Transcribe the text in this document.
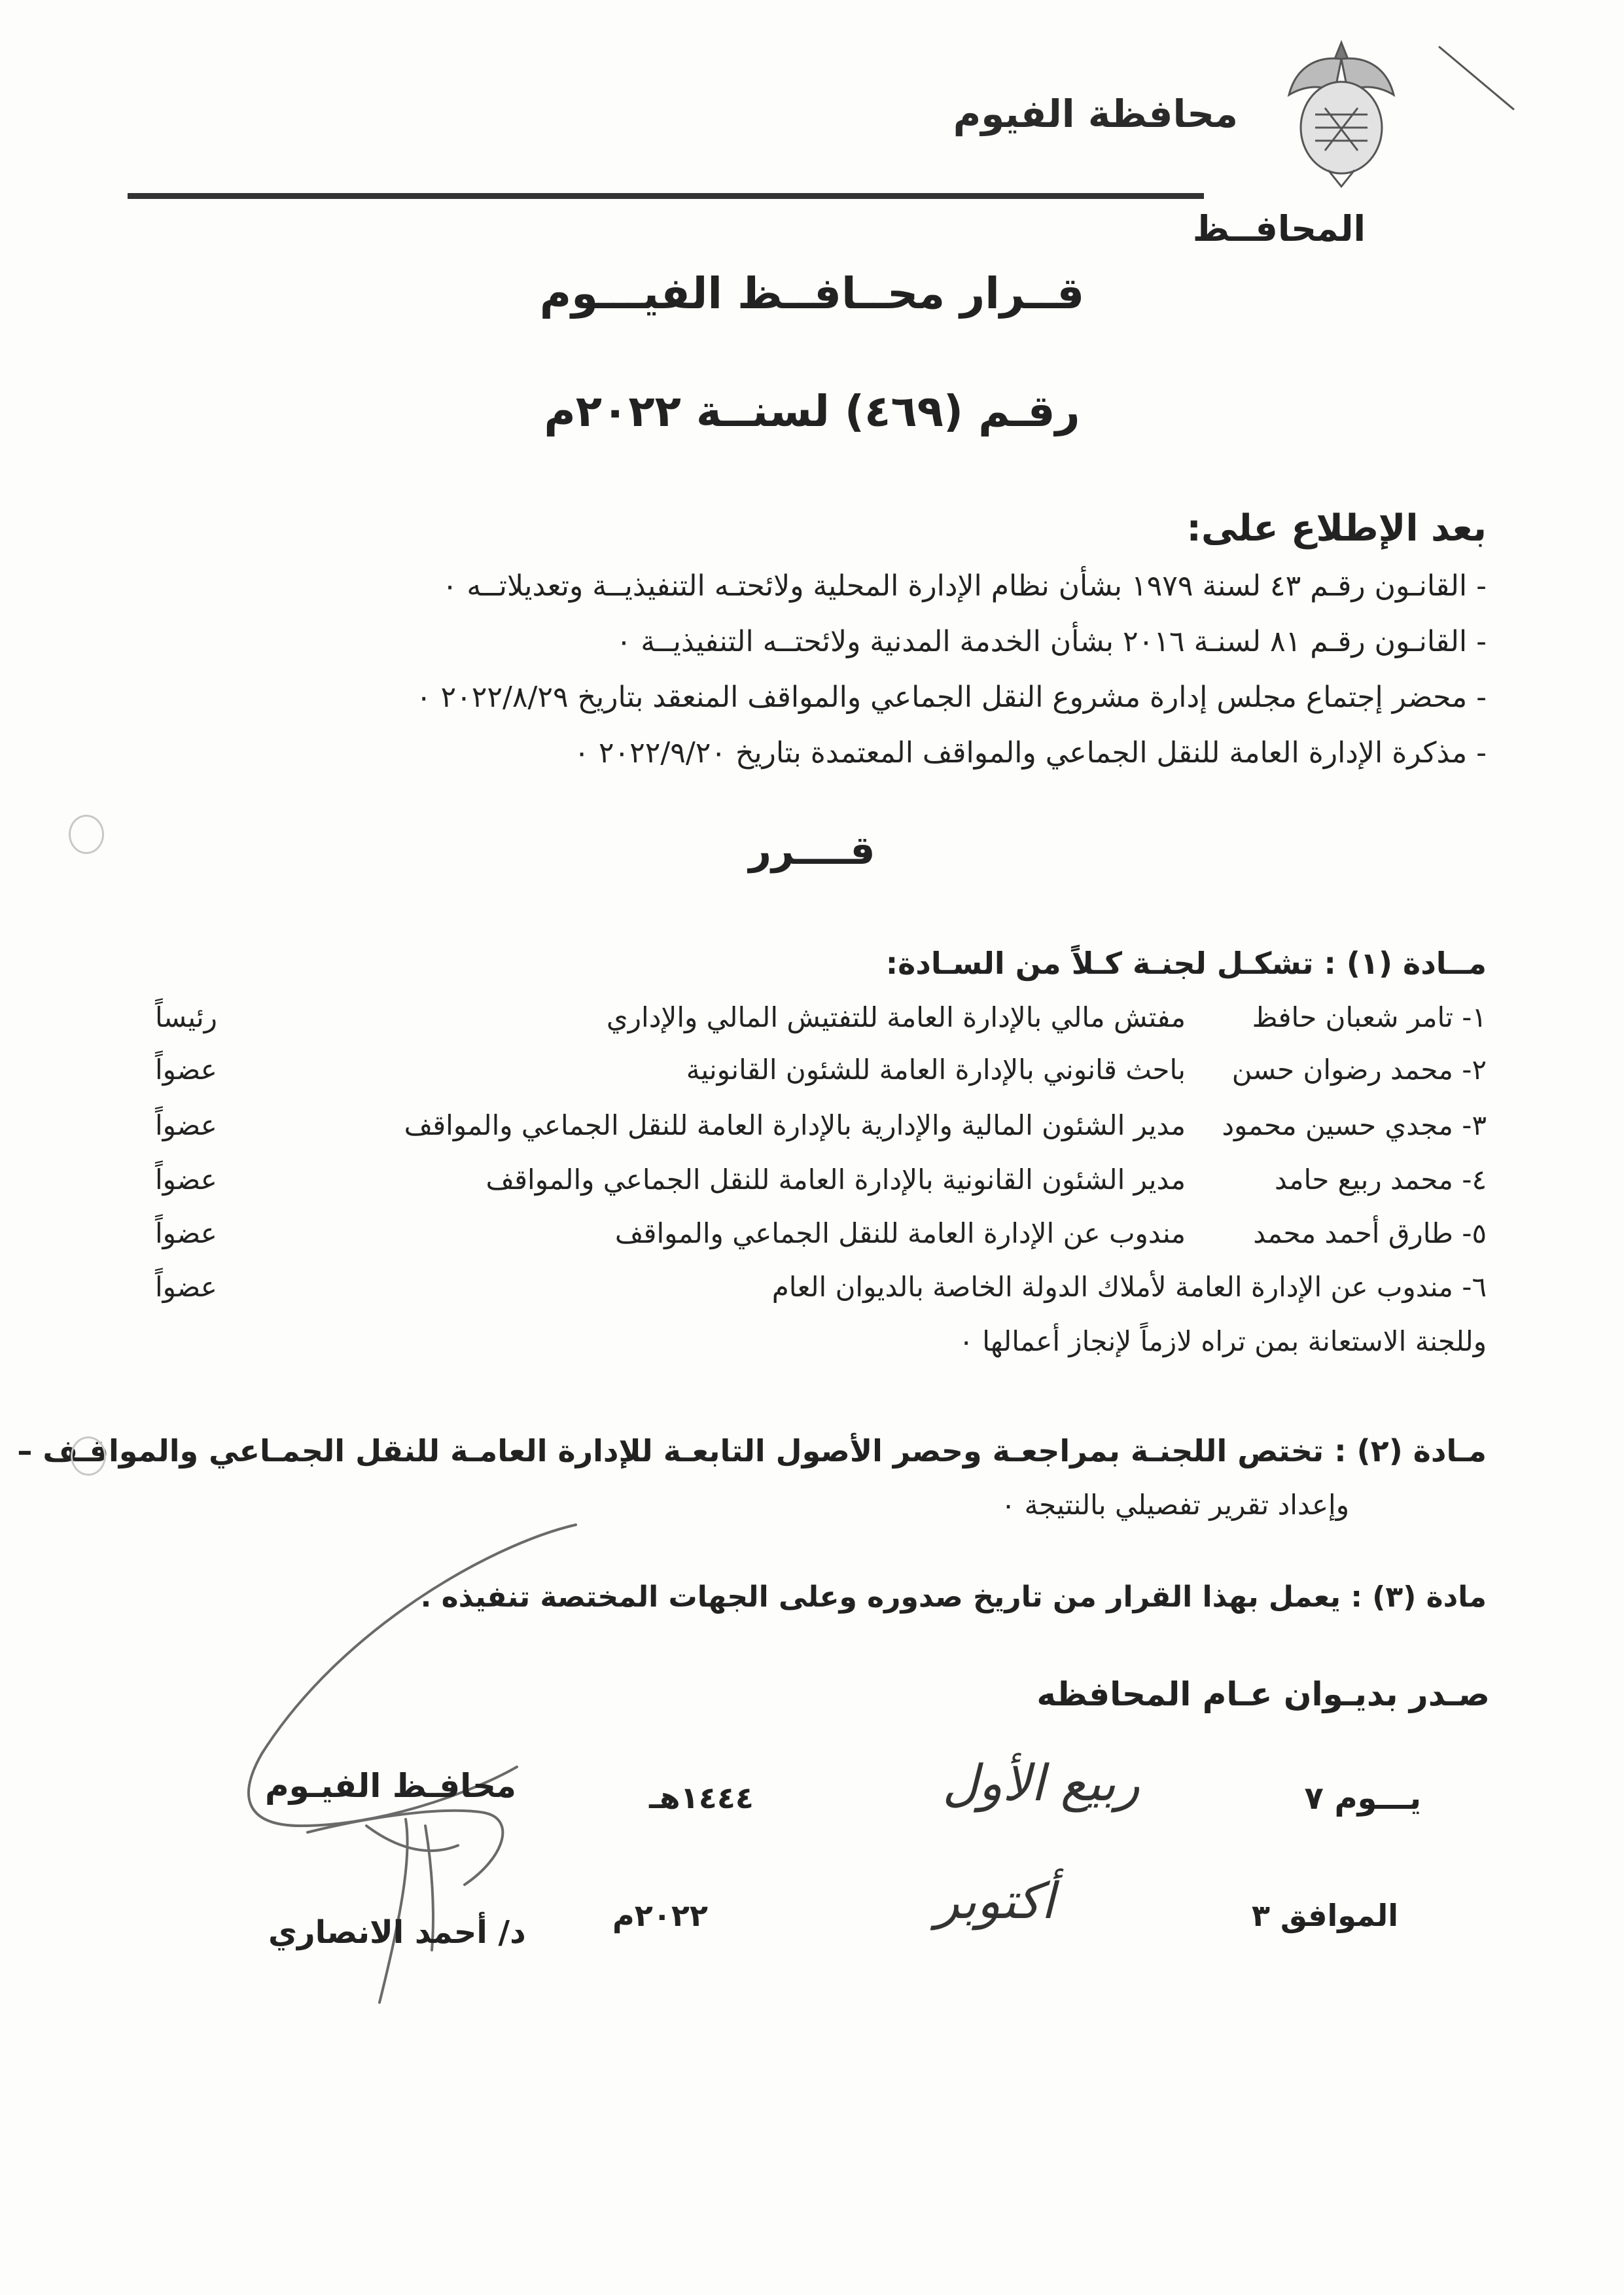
محافظة الفيوم
المحافــظ
قــرار محــافــظ الفيـــوم
رقـم (٤٦٩) لسنــة ٢٠٢٢م
بعد الإطلاع على:
- القانـون رقـم ٤٣ لسنة ١٩٧٩ بشأن نظام الإدارة المحلية ولائحتـه التنفيذيــة وتعديلاتــه ٠
- القانـون رقـم ٨١ لسنـة ٢٠١٦ بشأن الخدمة المدنية ولائحتــه التنفيذيــة ٠
- محضر إجتماع مجلس إدارة مشروع النقل الجماعي والمواقف المنعقد بتاريخ ٢٠٢٢/٨/٢٩ ٠
- مذكرة الإدارة العامة للنقل الجماعي والمواقف المعتمدة بتاريخ ٢٠٢٢/٩/٢٠ ٠
قــــرر
مــادة (١) : تشكـل لجنـة كـلاً من السـادة:
١- تامر شعبان حافظ
مفتش مالي بالإدارة العامة للتفتيش المالي والإداري
رئيساً
٢- محمد رضوان حسن
باحث قانوني بالإدارة العامة للشئون القانونية
عضواً
٣- مجدي حسين محمود
مدير الشئون المالية والإدارية بالإدارة العامة للنقل الجماعي والمواقف
عضواً
٤- محمد ربيع حامد
مدير الشئون القانونية بالإدارة العامة للنقل الجماعي والمواقف
عضواً
٥- طارق أحمد محمد
مندوب عن الإدارة العامة للنقل الجماعي والمواقف
عضواً
٦- مندوب عن الإدارة العامة لأملاك الدولة الخاصة بالديوان العام
عضواً
وللجنة الاستعانة بمن تراه لازماً لإنجاز أعمالها ٠
مـادة (٢) : تختص اللجنـة بمراجعـة وحصر الأصول التابعـة للإدارة العامـة للنقل الجمـاعي والمواقـف –
وإعداد تقرير تفصيلي بالنتيجة ٠
مادة (٣) : يعمل بهذا القرار من تاريخ صدوره وعلى الجهات المختصة تنفيذه .
صـدر بديـوان عـام المحافظه
يـــوم ٧
ربيع الأول
١٤٤٤هـ
الموافق ٣
أكتوبر
٢٠٢٢م
محافـظ الفيـوم
د/ أحمد الانصاري
